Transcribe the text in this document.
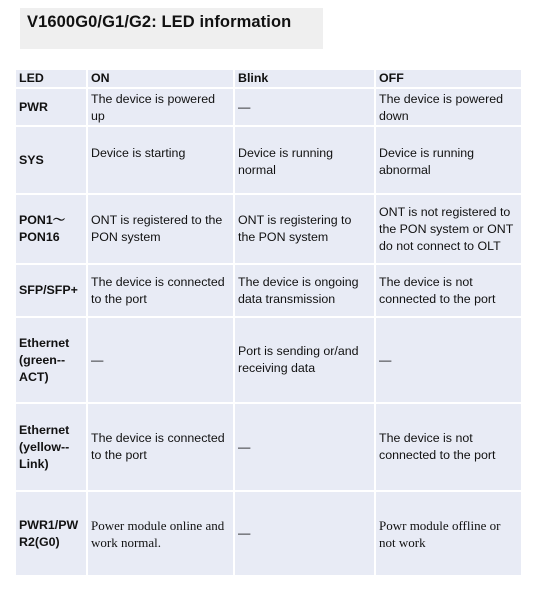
V1600G0/G1/G2: LED information
LED	ON	Blink	OFF
PWR	The device is powered up	—	The device is powered down
SYS	Device is starting	Device is running normal	Device is running abnormal
PON1～PON16	ONT is registered to the PON system	ONT is registering to the PON system	ONT is not registered to the PON system or ONT do not connect to OLT
SFP/SFP+	The device is connected to the port	The device is ongoing data transmission	The device is not connected to the port
Ethernet (green--ACT)	—	Port is sending or/and receiving data	—
Ethernet (yellow--Link)	The device is connected to the port	—	The device is not connected to the port
PWR1/PWR2(G0)	Power module online and work normal.	—	Powr module offline or not work
